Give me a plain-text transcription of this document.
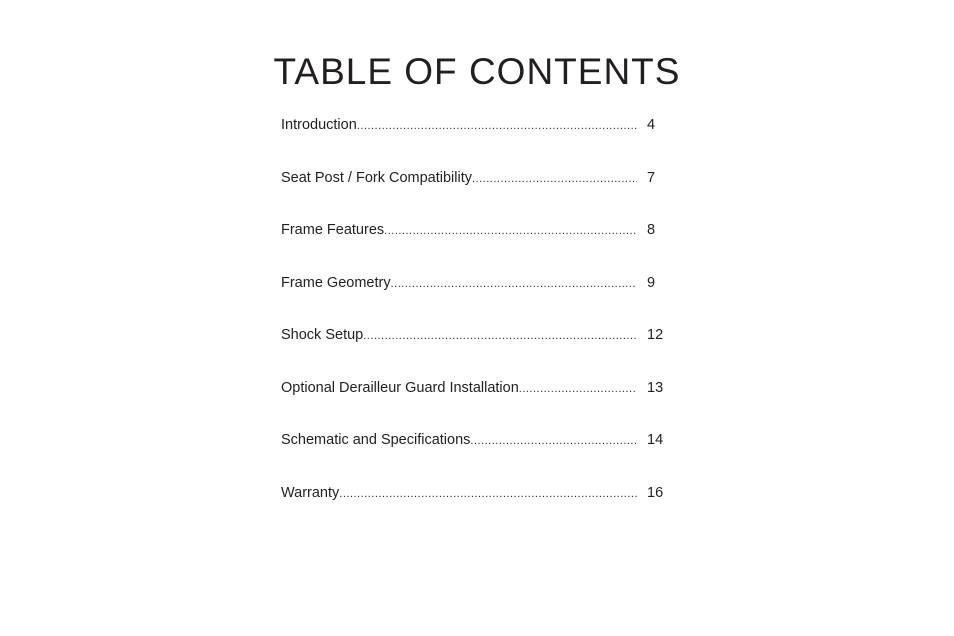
TABLE OF CONTENTS
Introduction .....	4
Seat Post / Fork Compatibility .....	7
Frame Features .....	8
Frame Geometry .....	9
Shock Setup .....	12
Optional Derailleur Guard Installation .....	13
Schematic and Specifications .....	14
Warranty .....	16
